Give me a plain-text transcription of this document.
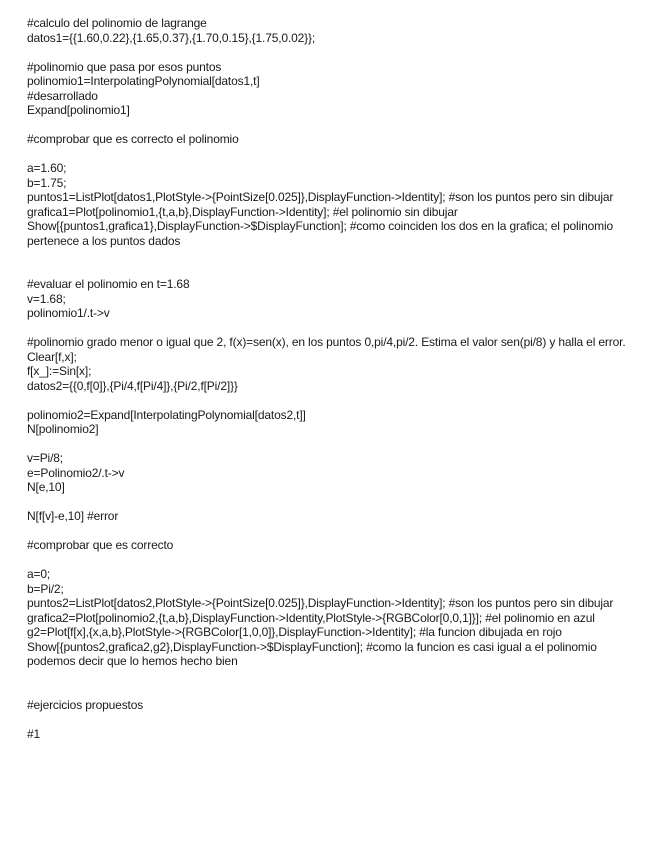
#calculo del polinomio de lagrange
datos1={{1.60,0.22},{1.65,0.37},{1.70,0.15},{1.75,0.02}};
#polinomio que pasa por esos puntos
polinomio1=InterpolatingPolynomial[datos1,t]
#desarrollado
Expand[polinomio1]
#comprobar que es correcto el polinomio
a=1.60;
b=1.75;
puntos1=ListPlot[datos1,PlotStyle->{PointSize[0.025]},DisplayFunction->Identity]; #son los puntos pero sin dibujar
grafica1=Plot[polinomio1,{t,a,b},DisplayFunction->Identity]; #el polinomio sin dibujar
Show[{puntos1,grafica1},DisplayFunction->$DisplayFunction]; #como coinciden los dos en la grafica; el polinomio pertenece a los puntos dados
#evaluar el polinomio en t=1.68
v=1.68;
polinomio1/.t->v
#polinomio grado menor o igual que 2, f(x)=sen(x), en los puntos 0,pi/4,pi/2. Estima el valor sen(pi/8) y halla el error.
Clear[f,x];
f[x_]:=Sin[x];
datos2={{0,f[0]},{Pi/4,f[Pi/4]},{Pi/2,f[Pi/2]}}
polinomio2=Expand[InterpolatingPolynomial[datos2,t]]
N[polinomio2]
v=Pi/8;
e=Polinomio2/.t->v
N[e,10]
N[f[v]-e,10] #error
#comprobar que es correcto
a=0;
b=Pi/2;
puntos2=ListPlot[datos2,PlotStyle->{PointSize[0.025]},DisplayFunction->Identity]; #son los puntos pero sin dibujar
grafica2=Plot[polinomio2,{t,a,b},DisplayFunction->Identity,PlotStyle->{RGBColor[0,0,1]}]; #el polinomio en azul
g2=Plot[f[x],{x,a,b},PlotStyle->{RGBColor[1,0,0]},DisplayFunction->Identity]; #la funcion dibujada en rojo
Show[{puntos2,grafica2,g2},DisplayFunction->$DisplayFunction]; #como la funcion es casi igual a el polinomio podemos decir que lo hemos hecho bien
#ejercicios propuestos
#1
